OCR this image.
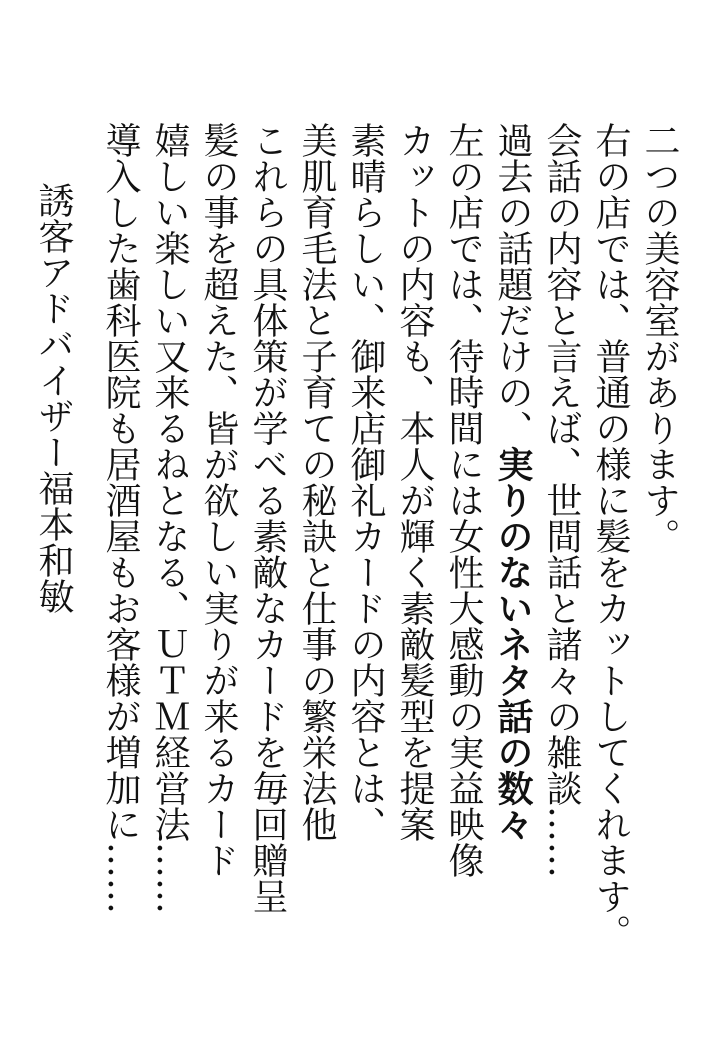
二つの美容室があります。
右の店では、普通の様に髪をカットしてくれます。
会話の内容と言えば、世間話と諸々の雑談……
過去の話題だけの、実りのないネタ話の数々
左の店では、待時間には女性大感動の実益映像
カットの内容も、本人が輝く素敵髪型を提案
素晴らしい、御来店御礼カードの内容とは、
美肌育毛法と子育ての秘訣と仕事の繁栄法他
これらの具体策が学べる素敵なカードを毎回贈呈
髪の事を超えた、皆が欲しい実りが来るカード
嬉しい楽しい又来るねとなる、ＵＴＭ経営法……
導入した歯科医院も居酒屋もお客様が増加に……
誘客アドバイザー福本和敏
